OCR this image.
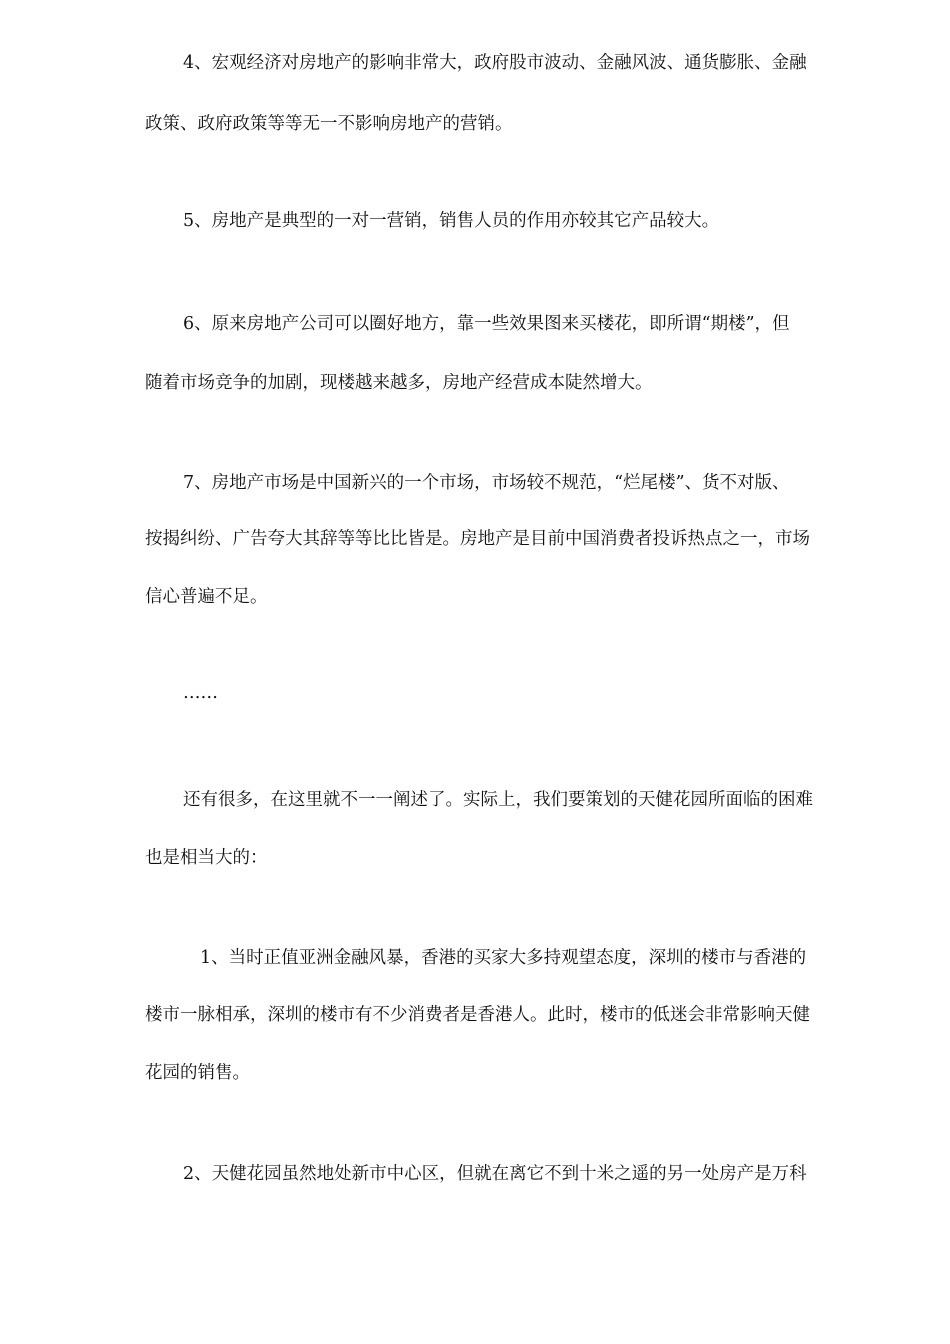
4、宏观经济对房地产的影响非常大，政府股市波动、金融风波、通货膨胀、金融
政策、政府政策等等无一不影响房地产的营销。
5、房地产是典型的一对一营销，销售人员的作用亦较其它产品较大。
6、原来房地产公司可以圈好地方，靠一些效果图来买楼花，即所谓“期楼”，但
随着市场竞争的加剧，现楼越来越多，房地产经营成本陡然增大。
7、房地产市场是中国新兴的一个市场，市场较不规范，“烂尾楼”、货不对版、
按揭纠纷、广告夸大其辞等等比比皆是。房地产是目前中国消费者投诉热点之一，市场
信心普遍不足。
……
还有很多，在这里就不一一阐述了。实际上，我们要策划的天健花园所面临的困难
也是相当大的：
1、当时正值亚洲金融风暴，香港的买家大多持观望态度，深圳的楼市与香港的
楼市一脉相承，深圳的楼市有不少消费者是香港人。此时，楼市的低迷会非常影响天健
花园的销售。
2、天健花园虽然地处新市中心区，但就在离它不到十米之遥的另一处房产是万科
